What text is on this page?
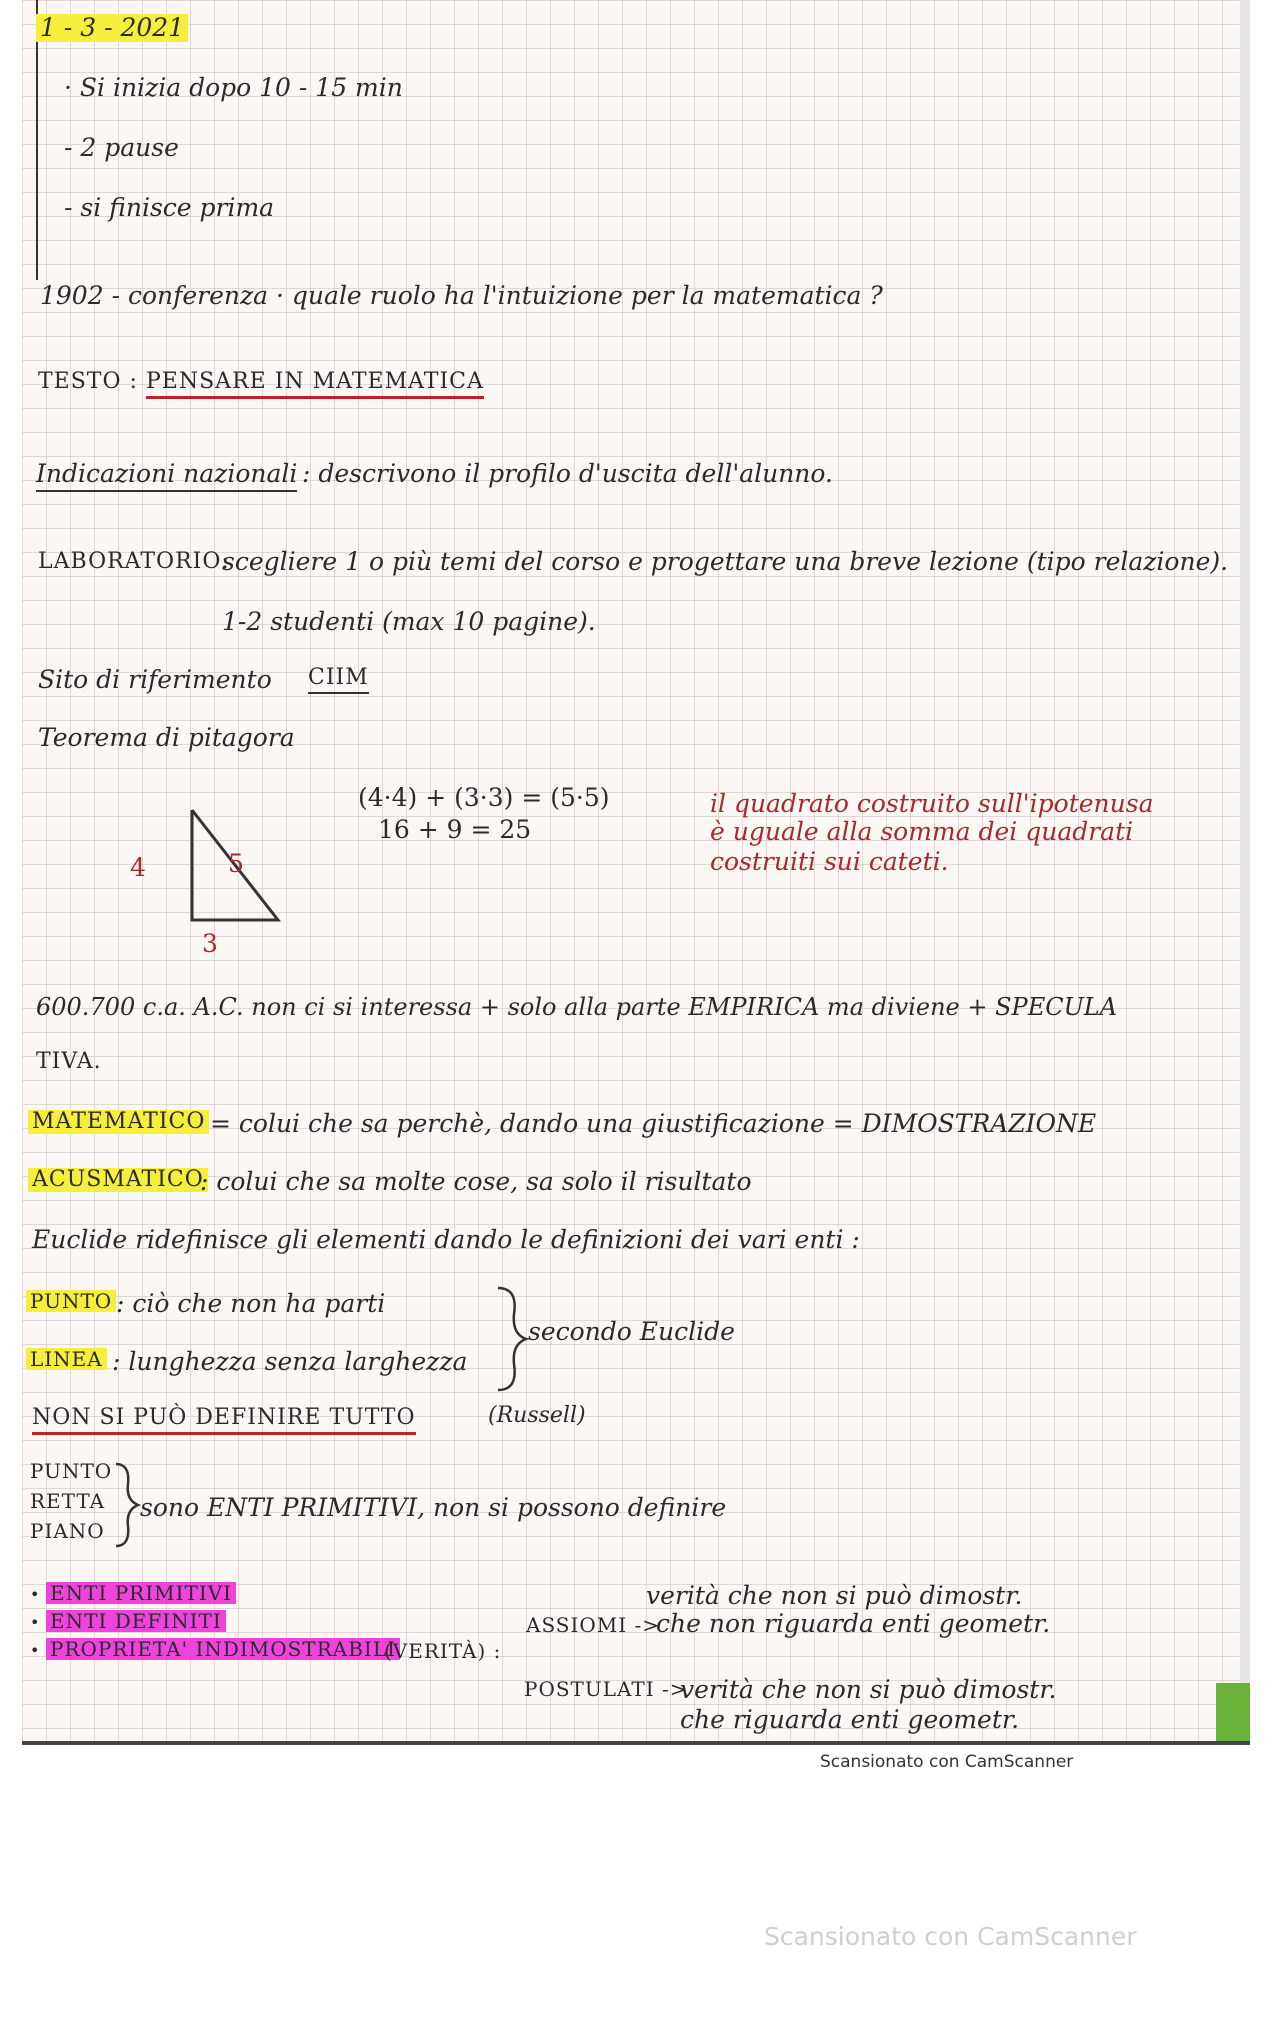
1 - 3 - 2021
· Si inizia dopo 10 - 15 min
- 2 pause
- si finisce prima
1902 - conferenza · quale ruolo ha l'intuizione per la matematica ?
TESTO : PENSARE IN MATEMATICA
Indicazioni nazionali : descrivono il profilo d'uscita dell'alunno.
LABORATORIO:
scegliere 1 o più temi del corso e progettare una breve lezione (tipo relazione).
1-2 studenti (max 10 pagine).
Sito di riferimento CIIM
Teorema di pitagora
4
3
5
(4·4) + (3·3) = (5·5)
16 + 9 = 25
il quadrato costruito sull'ipotenusa
è uguale alla somma dei quadrati
costruiti sui cateti.
600.700 c.a. A.C. non ci si interessa + solo alla parte EMPIRICA ma diviene + SPECULA
TIVA.
MATEMATICO = colui che sa perchè, dando una giustificazione = DIMOSTRAZIONE
ACUSMATICO
: colui che sa molte cose, sa solo il risultato
Euclide ridefinisce gli elementi dando le definizioni dei vari enti :
PUNTO : ciò che non ha parti
LINEA : lunghezza senza larghezza
secondo Euclide
NON SI PUÒ DEFINIRE TUTTO	(Russell)
PUNTO
RETTA
PIANO
sono ENTI PRIMITIVI, non si possono definire
• ENTI PRIMITIVI
• ENTI DEFINITI
• PROPRIETA' INDIMOSTRABILI
(VERITÀ) :
verità che non si può dimostr.
ASSIOMI ->
che non riguarda enti geometr.
POSTULATI ->
verità che non si può dimostr.
che riguarda enti geometr.
Scansionato con CamScanner
Scansionato con CamScanner
